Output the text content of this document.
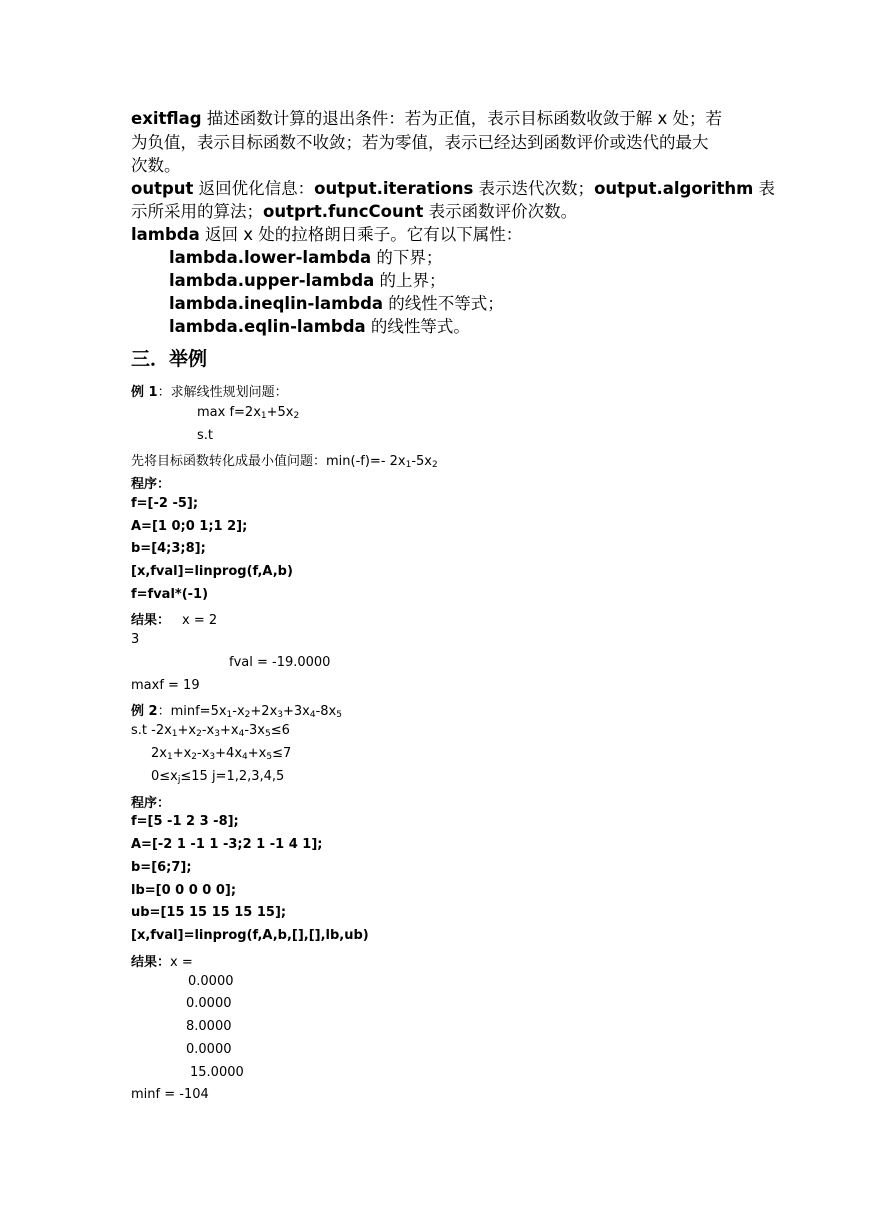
exitflag 描述函数计算的退出条件：若为正值，表示目标函数收敛于解 x 处；若
为负值，表示目标函数不收敛；若为零值，表示已经达到函数评价或迭代的最大
次数。
output 返回优化信息：output.iterations 表示迭代次数；output.algorithm 表
示所采用的算法；outprt.funcCount 表示函数评价次数。
lambda 返回 x 处的拉格朗日乘子。它有以下属性：
lambda.lower-lambda 的下界；
lambda.upper-lambda 的上界；
lambda.ineqlin-lambda 的线性不等式；
lambda.eqlin-lambda 的线性等式。
三．举例
例 1：求解线性规划问题：
$\max f=2x_1+5x_2$
s.t
先将目标函数转化成最小值问题：min(-f)=- $2x_1-5x_2$
程序：
f=[-2 -5];
A=[1 0;0 1;1 2];
b=[4;3;8];
[x,fval]=linprog(f,A,b)
f=fval*(-1)
结果： x = 2
3
fval = -19.0000
maxf = 19
例 2：$\min f=5x_1-x_2+2x_3+3x_4-8x_5$
s.t $-2x_1+x_2-x_3+x_4-3x_5\le 6$
$2x_1+x_2-x_3+4x_4+x_5\le 7$
$0\le x_j\le 15$ j=1,2,3,4,5
程序：
f=[5 -1 2 3 -8];
A=[-2 1 -1 1 -3;2 1 -1 4 1];
b=[6;7];
lb=[0 0 0 0 0];
ub=[15 15 15 15 15];
[x,fval]=linprog(f,A,b,[],[],lb,ub)
结果：x =
0.0000
0.0000
8.0000
0.0000
15.0000
minf = -104
